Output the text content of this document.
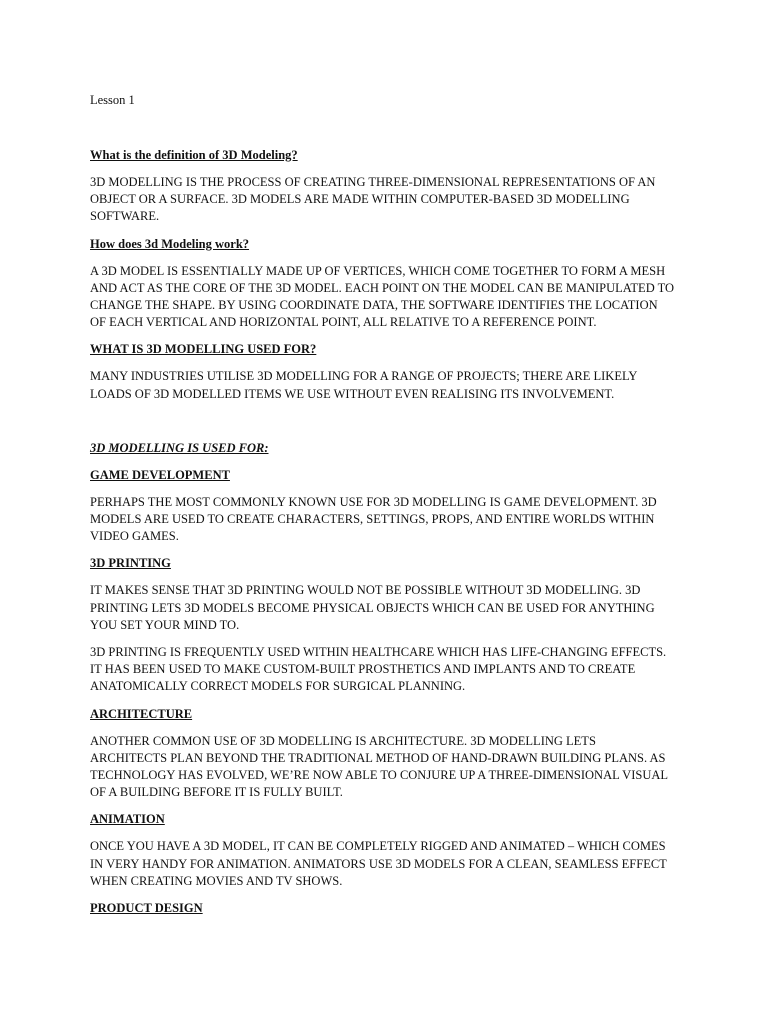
Lesson 1
What is the definition of 3D Modeling?
3D MODELLING IS THE PROCESS OF CREATING THREE-DIMENSIONAL REPRESENTATIONS OF AN
OBJECT OR A SURFACE. 3D MODELS ARE MADE WITHIN COMPUTER-BASED 3D MODELLING
SOFTWARE.
How does 3d Modeling work?
A 3D MODEL IS ESSENTIALLY MADE UP OF VERTICES, WHICH COME TOGETHER TO FORM A MESH
AND ACT AS THE CORE OF THE 3D MODEL. EACH POINT ON THE MODEL CAN BE MANIPULATED TO
CHANGE THE SHAPE. BY USING COORDINATE DATA, THE SOFTWARE IDENTIFIES THE LOCATION
OF EACH VERTICAL AND HORIZONTAL POINT, ALL RELATIVE TO A REFERENCE POINT.
WHAT IS 3D MODELLING USED FOR?
MANY INDUSTRIES UTILISE 3D MODELLING FOR A RANGE OF PROJECTS; THERE ARE LIKELY
LOADS OF 3D MODELLED ITEMS WE USE WITHOUT EVEN REALISING ITS INVOLVEMENT.
3D MODELLING IS USED FOR:
GAME DEVELOPMENT
PERHAPS THE MOST COMMONLY KNOWN USE FOR 3D MODELLING IS GAME DEVELOPMENT. 3D
MODELS ARE USED TO CREATE CHARACTERS, SETTINGS, PROPS, AND ENTIRE WORLDS WITHIN
VIDEO GAMES.
3D PRINTING
IT MAKES SENSE THAT 3D PRINTING WOULD NOT BE POSSIBLE WITHOUT 3D MODELLING. 3D
PRINTING LETS 3D MODELS BECOME PHYSICAL OBJECTS WHICH CAN BE USED FOR ANYTHING
YOU SET YOUR MIND TO.
3D PRINTING IS FREQUENTLY USED WITHIN HEALTHCARE WHICH HAS LIFE-CHANGING EFFECTS.
IT HAS BEEN USED TO MAKE CUSTOM-BUILT PROSTHETICS AND IMPLANTS AND TO CREATE
ANATOMICALLY CORRECT MODELS FOR SURGICAL PLANNING.
ARCHITECTURE
ANOTHER COMMON USE OF 3D MODELLING IS ARCHITECTURE. 3D MODELLING LETS
ARCHITECTS PLAN BEYOND THE TRADITIONAL METHOD OF HAND-DRAWN BUILDING PLANS. AS
TECHNOLOGY HAS EVOLVED, WE’RE NOW ABLE TO CONJURE UP A THREE-DIMENSIONAL VISUAL
OF A BUILDING BEFORE IT IS FULLY BUILT.
ANIMATION
ONCE YOU HAVE A 3D MODEL, IT CAN BE COMPLETELY RIGGED AND ANIMATED – WHICH COMES
IN VERY HANDY FOR ANIMATION. ANIMATORS USE 3D MODELS FOR A CLEAN, SEAMLESS EFFECT
WHEN CREATING MOVIES AND TV SHOWS.
PRODUCT DESIGN
